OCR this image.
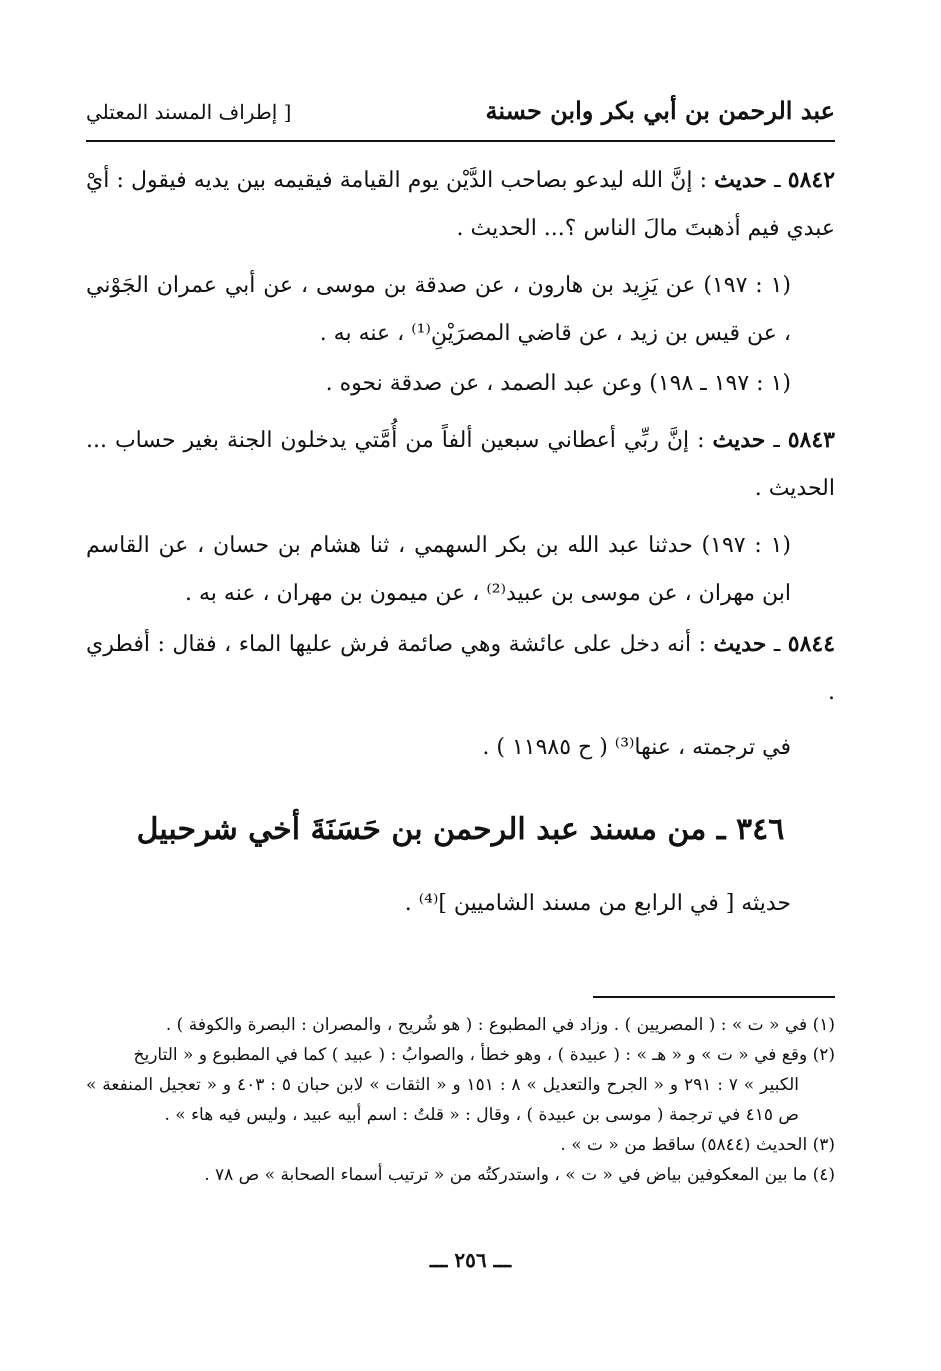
عبد الرحمن بن أبي بكر وابن حسنة
[ إطراف المسند المعتلي
٥٨٤٢ ـ حديث : إنَّ الله ليدعو بصاحب الدَّيْن يوم القيامة فيقيمه بين يديه فيقول : أيْ عبدي فيم أذهبتَ مالَ الناس ؟... الحديث .
(١ : ١٩٧) عن يَزِيد بن هارون ، عن صدقة بن موسى ، عن أبي عمران الجَوْني ، عن قيس بن زيد ، عن قاضي المصرَيْنِ⁽¹⁾ ، عنه به .
(١ : ١٩٧ ـ ١٩٨) وعن عبد الصمد ، عن صدقة نحوه .
٥٨٤٣ ـ حديث : إنَّ ربِّي أعطاني سبعين ألفاً من أُمَّتي يدخلون الجنة بغير حساب ... الحديث .
(١ : ١٩٧) حدثنا عبد الله بن بكر السهمي ، ثنا هشام بن حسان ، عن القاسم ابن مهران ، عن موسى بن عبيد⁽²⁾ ، عن ميمون بن مهران ، عنه به .
٥٨٤٤ ـ حديث : أنه دخل على عائشة وهي صائمة فرش عليها الماء ، فقال : أفطري .
في ترجمته ، عنها⁽³⁾ ( ح ١١٩٨٥ ) .
٣٤٦ ـ من مسند عبد الرحمن بن حَسَنَةَ أخي شرحبيل
حديثه [ في الرابع من مسند الشاميين ]⁽⁴⁾ .
(١) في « ت » : ( المصريين ) . وزاد في المطبوع : ( هو شُريح ، والمصران : البصرة والكوفة ) .
(٢) وقع في « ت » و « هـ » : ( عبيدة ) ، وهو خطأ ، والصوابُ : ( عبيد ) كما في المطبوع و « التاريخ
الكبير » ٧ : ٢٩١ و « الجرح والتعديل » ٨ : ١٥١ و « الثقات » لابن حبان ٥ : ٤٠٣ و « تعجيل المنفعة » ص ٤١٥ في ترجمة ( موسى بن عبيدة ) ، وقال : « قلتُ : اسم أبيه عبيد ، وليس فيه هاء » .
(٣) الحديث (٥٨٤٤) ساقط من « ت » .
(٤) ما بين المعكوفين بياض في « ت » ، واستدركتُه من « ترتيب أسماء الصحابة » ص ٧٨ .
ـــ ٢٥٦ ـــ
